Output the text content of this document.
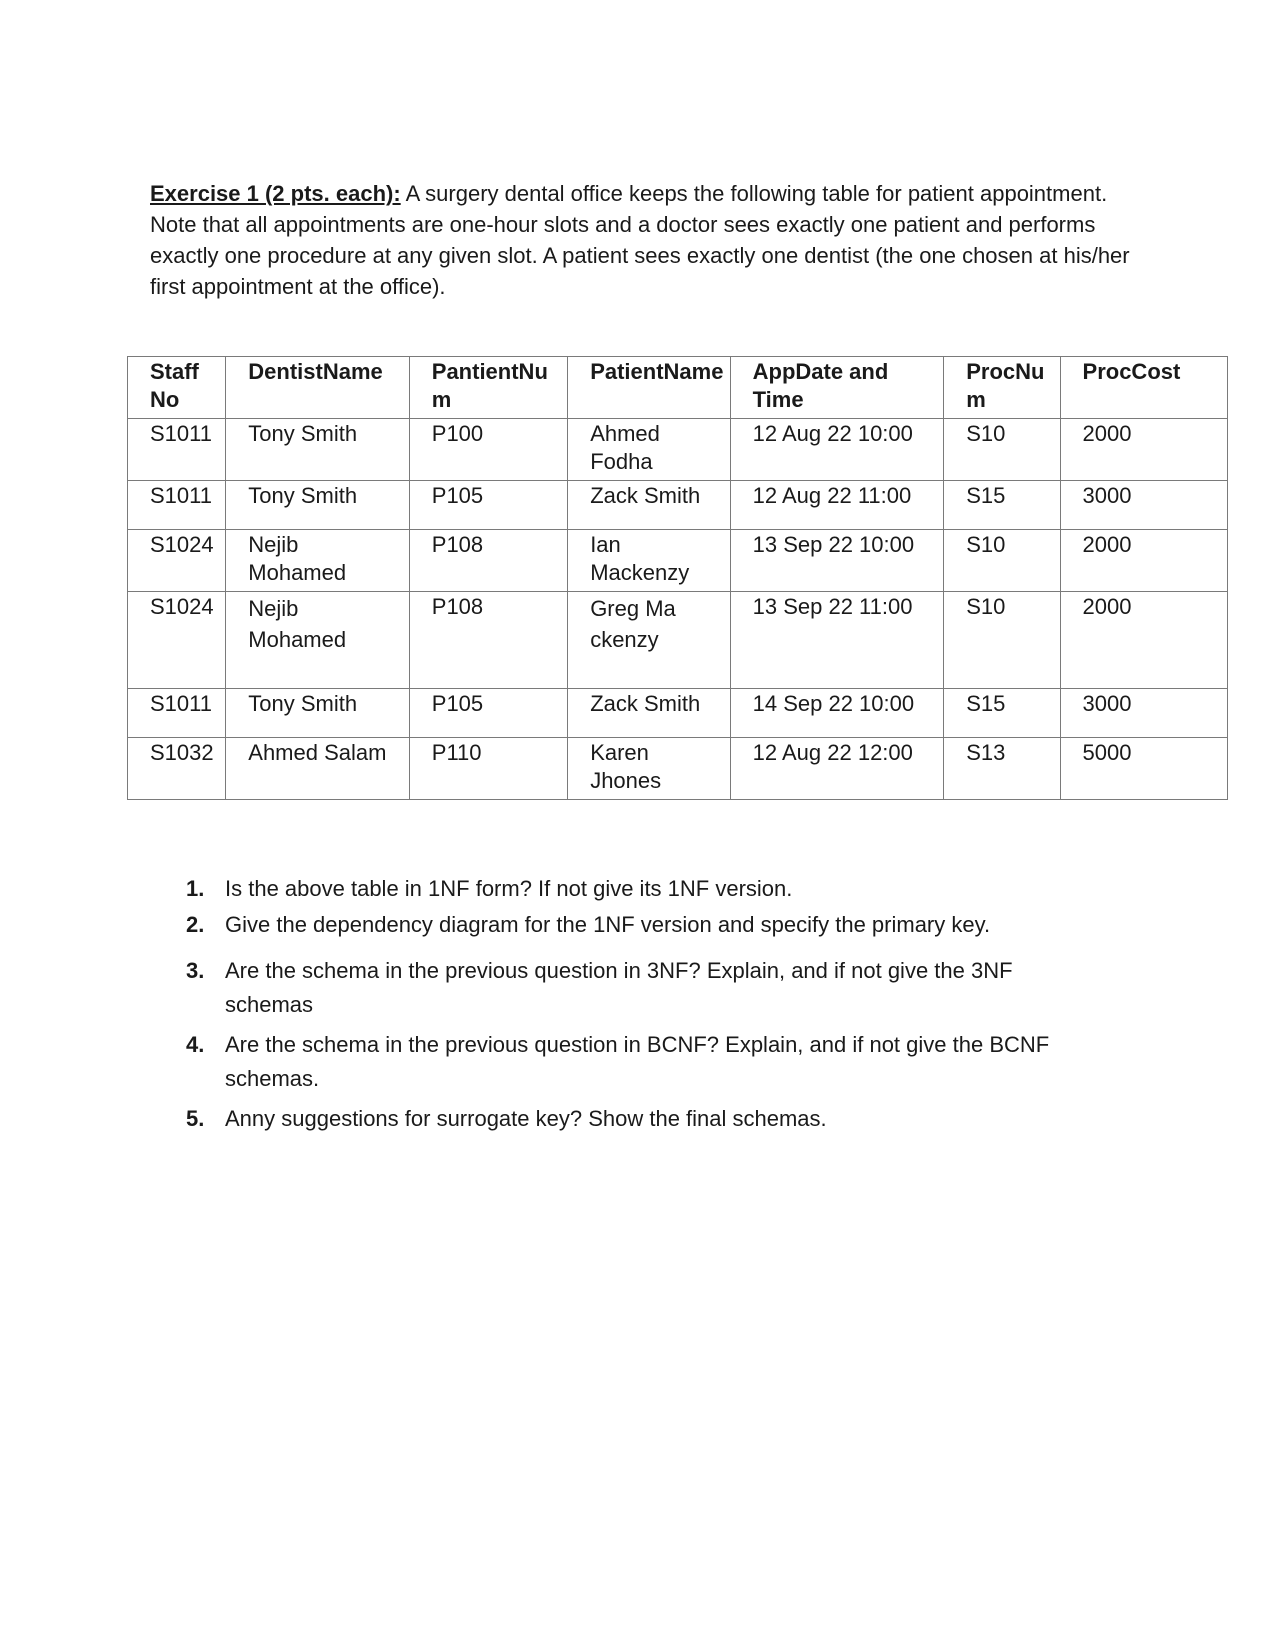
Exercise 1 (2 pts. each): A surgery dental office keeps the following table for patient appointment. Note that all appointments are one-hour slots and a doctor sees exactly one patient and performs exactly one procedure at any given slot. A patient sees exactly one dentist (the one chosen at his/her first appointment at the office).
Staff No	DentistName	PantientNum	PatientName	AppDate and Time	ProcNum	ProcCost
S1011	Tony Smith	P100	Ahmed Fodha	12 Aug 22 10:00	S10	2000
S1011	Tony Smith	P105	Zack Smith	12 Aug 22 11:00	S15	3000
S1024	Nejib Mohamed	P108	Ian Mackenzy	13 Sep 22 10:00	S10	2000
S1024	Nejib Mohamed	P108	Greg Mackenzy	13 Sep 22 11:00	S10	2000
S1011	Tony Smith	P105	Zack Smith	14 Sep 22 10:00	S15	3000
S1032	Ahmed Salam	P110	Karen Jhones	12 Aug 22 12:00	S13	5000
1. Is the above table in 1NF form? If not give its 1NF version.
2. Give the dependency diagram for the 1NF version and specify the primary key.
3. Are the schema in the previous question in 3NF? Explain, and if not give the 3NF schemas
4. Are the schema in the previous question in BCNF? Explain, and if not give the BCNF schemas.
5. Anny suggestions for surrogate key? Show the final schemas.
